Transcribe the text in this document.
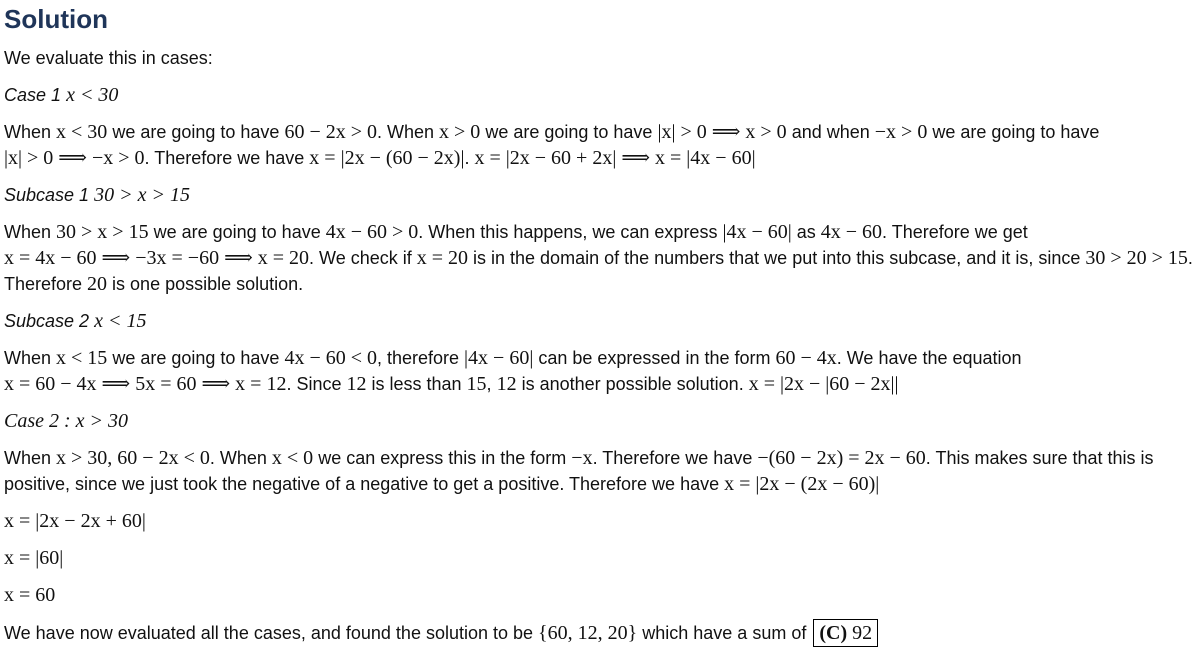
Solution

We evaluate this in cases:

Case 1 x < 30

When x < 30 we are going to have 60 − 2x > 0. When x > 0 we are going to have |x| > 0 ⟹ x > 0 and when −x > 0 we are going to have |x| > 0 ⟹ −x > 0. Therefore we have x = |2x − (60 − 2x)|. x = |2x − 60 + 2x| ⟹ x = |4x − 60|

Subcase 1 30 > x > 15

When 30 > x > 15 we are going to have 4x − 60 > 0. When this happens, we can express |4x − 60| as 4x − 60. Therefore we get x = 4x − 60 ⟹ −3x = −60 ⟹ x = 20. We check if x = 20 is in the domain of the numbers that we put into this subcase, and it is, since 30 > 20 > 15. Therefore 20 is one possible solution.

Subcase 2 x < 15

When x < 15 we are going to have 4x − 60 < 0, therefore |4x − 60| can be expressed in the form 60 − 4x. We have the equation x = 60 − 4x ⟹ 5x = 60 ⟹ x = 12. Since 12 is less than 15, 12 is another possible solution. x = |2x − |60 − 2x||

Case 2 : x > 30

When x > 30, 60 − 2x < 0. When x < 0 we can express this in the form −x. Therefore we have −(60 − 2x) = 2x − 60. This makes sure that this is positive, since we just took the negative of a negative to get a positive. Therefore we have x = |2x − (2x − 60)|

x = |2x − 2x + 60|

x = |60|

x = 60

We have now evaluated all the cases, and found the solution to be {60, 12, 20} which have a sum of (C) 92
